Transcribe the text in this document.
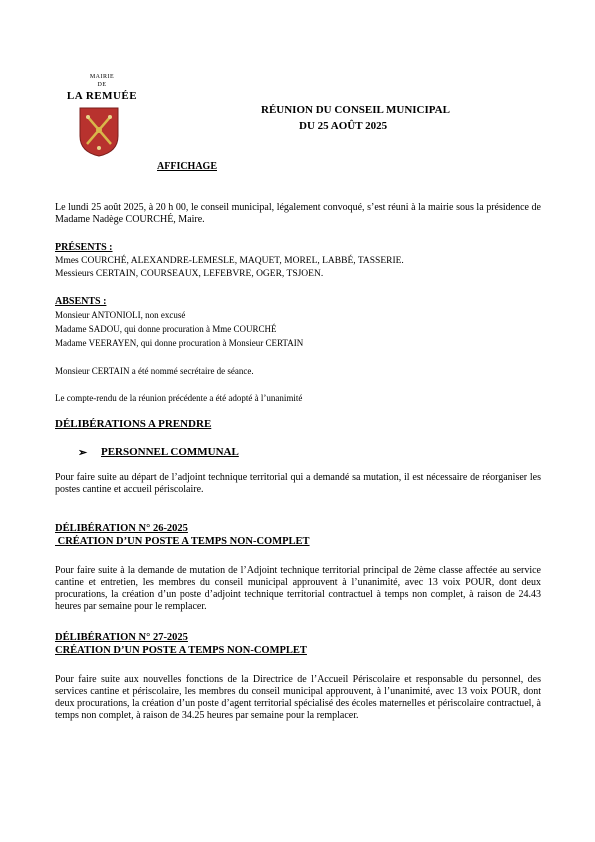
MAIRIE
DE
LA REMUÉE
RÉUNION DU CONSEIL MUNICIPAL
DU 25 AOÛT 2025
AFFICHAGE
Le lundi 25 août 2025, à 20 h 00, le conseil municipal, légalement convoqué, s’est réuni à la mairie sous la présidence de Madame Nadège COURCHÉ, Maire.
PRÉSENTS :
Mmes COURCHÉ, ALEXANDRE-LEMESLE, MAQUET, MOREL, LABBÉ, TASSERIE.
Messieurs CERTAIN, COURSEAUX, LEFEBVRE, OGER, TSJOEN.
ABSENTS :
Monsieur ANTONIOLI, non excusé
Madame SADOU, qui donne procuration à Mme COURCHÉ
Madame VEERAYEN, qui donne procuration à Monsieur CERTAIN
Monsieur CERTAIN a été nommé secrétaire de séance.
Le compte-rendu de la réunion précédente a été adopté à l’unanimité
DÉLIBÉRATIONS A PRENDRE
➢ PERSONNEL COMMUNAL
Pour faire suite au départ de l’adjoint technique territorial qui a demandé sa mutation, il est nécessaire de réorganiser les postes cantine et accueil périscolaire.
DÉLIBÉRATION N° 26-2025
CRÉATION D’UN POSTE A TEMPS NON-COMPLET
Pour faire suite à la demande de mutation de l’Adjoint technique territorial principal de 2ème classe affectée au service cantine et entretien, les membres du conseil municipal approuvent à l’unanimité, avec 13 voix POUR, dont deux procurations, la création d’un poste d’adjoint technique territorial contractuel à temps non complet, à raison de 24.43 heures par semaine pour le remplacer.
DÉLIBÉRATION N° 27-2025
CRÉATION D’UN POSTE A TEMPS NON-COMPLET
Pour faire suite aux nouvelles fonctions de la Directrice de l’Accueil Périscolaire et responsable du personnel, des services cantine et périscolaire, les membres du conseil municipal approuvent, à l’unanimité, avec 13 voix POUR, dont deux procurations, la création d’un poste d’agent territorial spécialisé des écoles maternelles et périscolaire contractuel, à temps non complet, à raison de 34.25 heures par semaine pour la remplacer.
